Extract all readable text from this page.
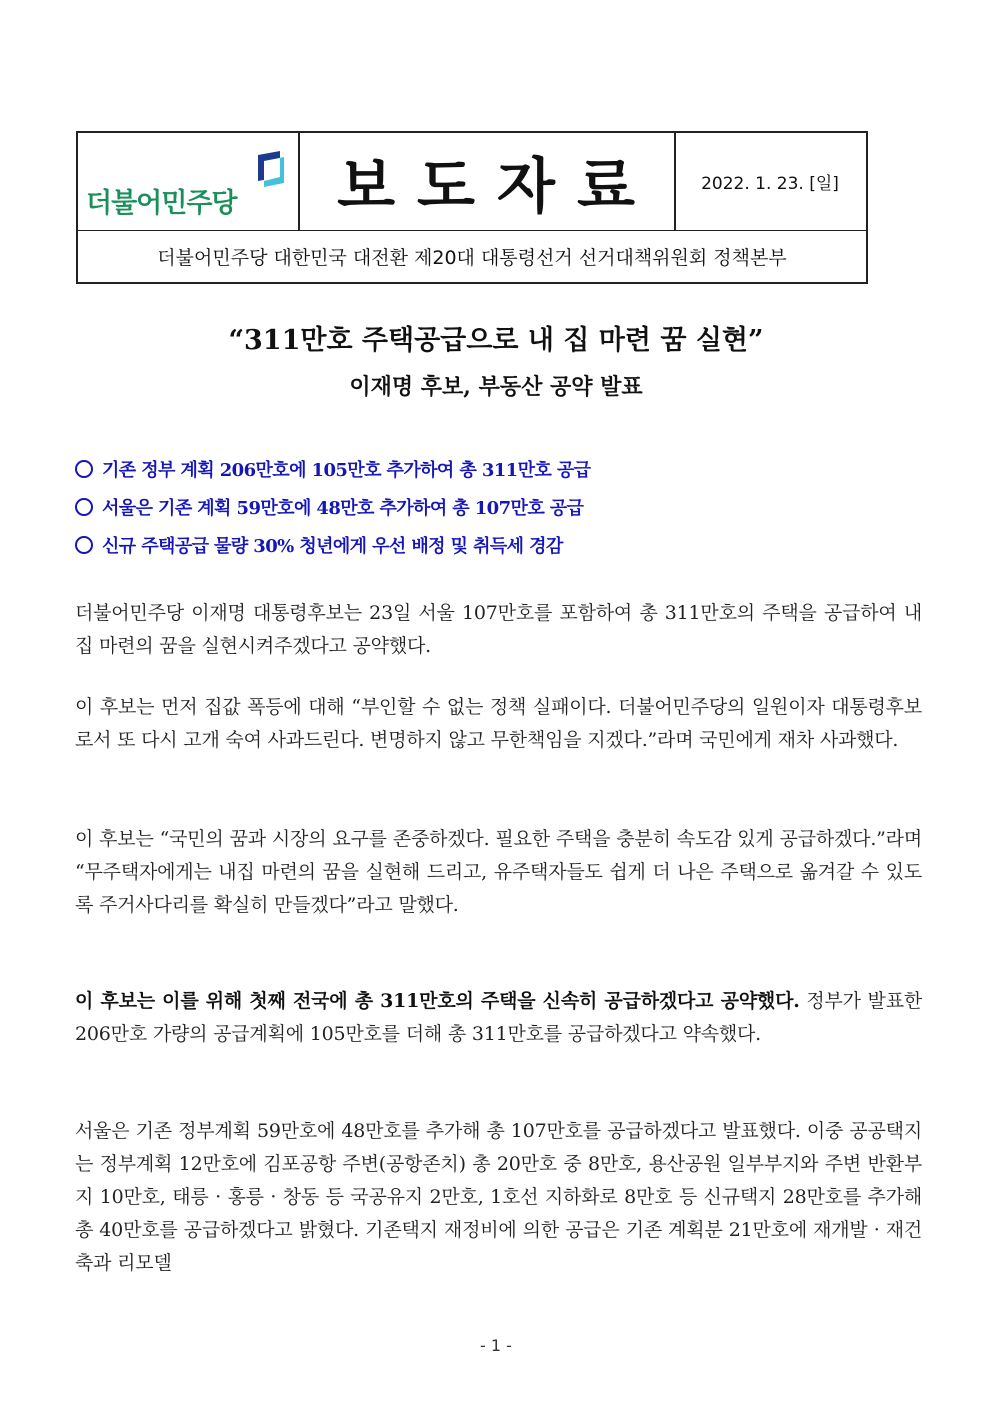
더불어민주당 보도자료	2022. 1. 23. [일]
더불어민주당 대한민국 대전환 제20대 대통령선거 선거대책위원회 정책본부
“311만호 주택공급으로 내 집 마련 꿈 실현”
이재명 후보, 부동산 공약 발표
기존 정부 계획 206만호에 105만호 추가하여 총 311만호 공급
서울은 기존 계획 59만호에 48만호 추가하여 총 107만호 공급
신규 주택공급 물량 30% 청년에게 우선 배정 및 취득세 경감
더불어민주당 이재명 대통령후보는 23일 서울 107만호를 포함하여 총 311만호의 주택을 공급하여 내집 마련의 꿈을 실현시켜주겠다고 공약했다.
이 후보는 먼저 집값 폭등에 대해 “부인할 수 없는 정책 실패이다. 더불어민주당의 일원이자 대통령후보로서 또 다시 고개 숙여 사과드린다. 변명하지 않고 무한책임을 지겠다.”라며 국민에게 재차 사과했다.
이 후보는 “국민의 꿈과 시장의 요구를 존중하겠다. 필요한 주택을 충분히 속도감 있게 공급하겠다.”라며 “무주택자에게는 내집 마련의 꿈을 실현해 드리고, 유주택자들도 쉽게 더 나은 주택으로 옮겨갈 수 있도록 주거사다리를 확실히 만들겠다”라고 말했다.
이 후보는 이를 위해 첫째 전국에 총 311만호의 주택을 신속히 공급하겠다고 공약했다. 정부가 발표한 206만호 가량의 공급계획에 105만호를 더해 총 311만호를 공급하겠다고 약속했다.
서울은 기존 정부계획 59만호에 48만호를 추가해 총 107만호를 공급하겠다고 발표했다. 이중 공공택지는 정부계획 12만호에 김포공항 주변(공항존치) 총 20만호 중 8만호, 용산공원 일부부지와 주변 반환부지 10만호, 태릉 · 홍릉 · 창동 등 국공유지 2만호, 1호선 지하화로 8만호 등 신규택지 28만호를 추가해 총 40만호를 공급하겠다고 밝혔다. 기존택지 재정비에 의한 공급은 기존 계획분 21만호에 재개발 · 재건축과 리모델
- 1 -
